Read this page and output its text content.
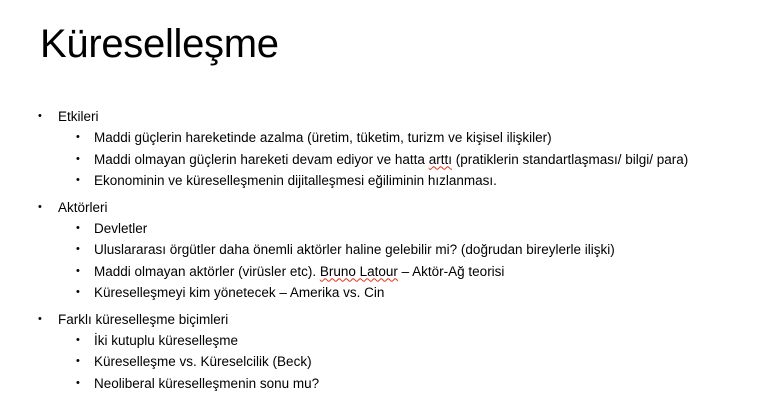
Küreselleşme
• Etkileri
• Maddi güçlerin hareketinde azalma (üretim, tüketim, turizm ve kişisel ilişkiler)
• Maddi olmayan güçlerin hareketi devam ediyor ve hatta arttı (pratiklerin standartlaşması/ bilgi/ para)
• Ekonominin ve küreselleşmenin dijitalleşmesi eğiliminin hızlanması.
• Aktörleri
• Devletler
• Uluslararası örgütler daha önemli aktörler haline gelebilir mi? (doğrudan bireylerle ilişki)
• Maddi olmayan aktörler (virüsler etc). Bruno Latour – Aktör-Ağ teorisi
• Küreselleşmeyi kim yönetecek – Amerika vs. Cin
• Farklı küreselleşme biçimleri
• İki kutuplu küreselleşme
• Küreselleşme vs. Küreselcilik (Beck)
• Neoliberal küreselleşmenin sonu mu?
